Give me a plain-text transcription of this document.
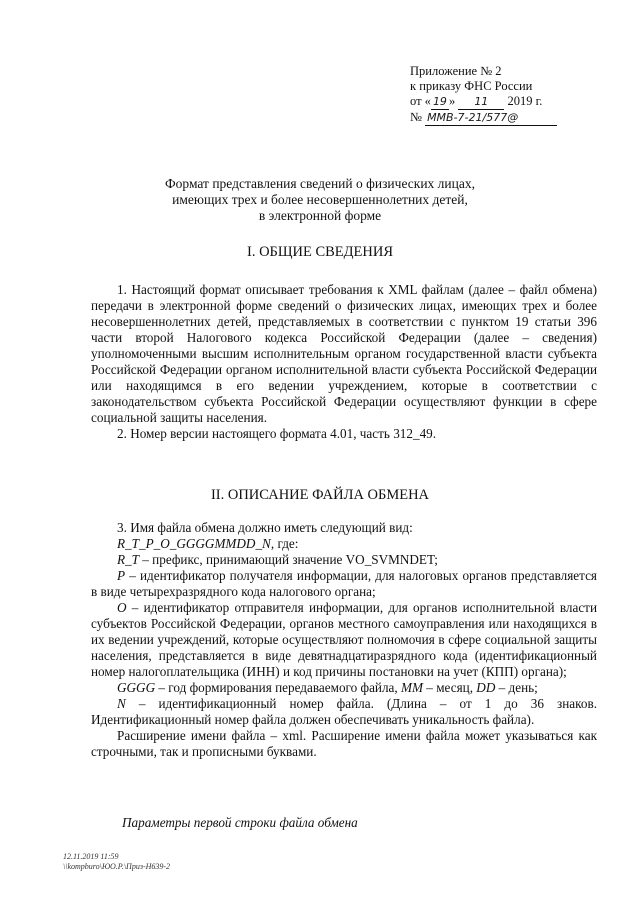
Приложение № 2
к приказу ФНС России
от « 19 » 11 2019 г.
№ ММВ-7-21/577@
Формат представления сведений о физических лицах,
имеющих трех и более несовершеннолетних детей,
в электронной форме
I. ОБЩИЕ СВЕДЕНИЯ

1. Настоящий формат описывает требования к XML файлам (далее – файл обмена) передачи в электронной форме сведений о физических лицах, имеющих трех и более несовершеннолетних детей, представляемых в соответствии с пунктом 19 статьи 396 части второй Налогового кодекса Российской Федерации (далее – сведения) уполномоченными высшим исполнительным органом государственной власти субъекта Российской Федерации органом исполнительной власти субъекта Российской Федерации или находящимся в его ведении учреждением, которые в соответствии с законодательством субъекта Российской Федерации осуществляют функции в сфере социальной защиты населения.

2. Номер версии настоящего формата 4.01, часть 312_49.

II. ОПИСАНИЕ ФАЙЛА ОБМЕНА

3. Имя файла обмена должно иметь следующий вид:

R_T_P_O_GGGGMMDD_N, где:

R_T – префикс, принимающий значение VO_SVMNDET;

P – идентификатор получателя информации, для налоговых органов представляется в виде четырехразрядного кода налогового органа;

O – идентификатор отправителя информации, для органов исполнительной власти субъектов Российской Федерации, органов местного самоуправления или находящихся в их ведении учреждений, которые осуществляют полномочия в сфере социальной защиты населения, представляется в виде девятнадцатиразрядного кода (идентификационный номер налогоплательщика (ИНН) и код причины постановки на учет (КПП) органа);

GGGG – год формирования передаваемого файла, MM – месяц, DD – день;

N – идентификационный номер файла. (Длина – от 1 до 36 знаков. Идентификационный номер файла должен обеспечивать уникальность файла).

Расширение имени файла – xml. Расширение имени файла может указываться как строчными, так и прописными буквами.

Параметры первой строки файла обмена
12.11.2019 11:59
\\kompburo\ЮО.Р.\Приз-Н639-2
